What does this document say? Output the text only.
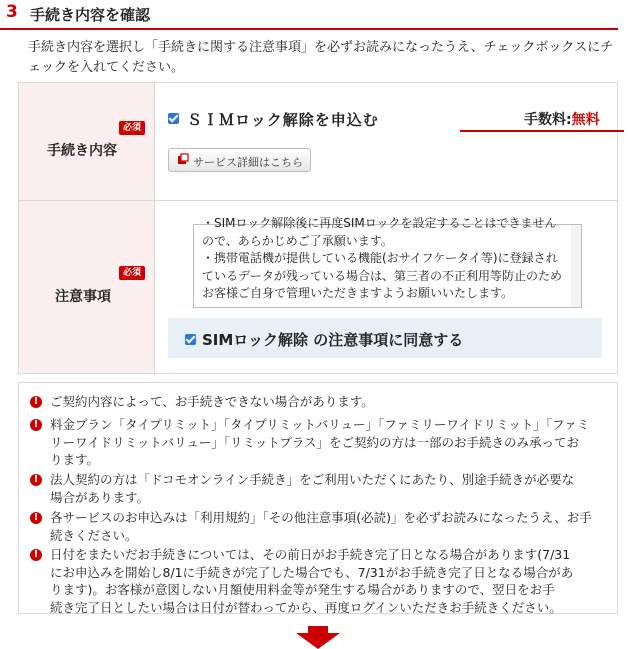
3 手続き内容を確認
手続き内容を選択し「手続きに関する注意事項」を必ずお読みになったうえ、チェックボックスにチ
ェックを入れてください。
必須
手続き内容
ＳＩＭロック解除を申込む	手数料:無料
サービス詳細はこちら
必須
注意事項
・SIMロック解除後に再度SIMロックを設定することはできません
ので、あらかじめご了承願います。
・携帯電話機が提供している機能(おサイフケータイ等)に登録され
ているデータが残っている場合は、第三者の不正利用等防止のため
お客様ご自身で管理いただきますようお願いいたします。
SIMロック解除 の注意事項に同意する
! ご契約内容によって、お手続きできない場合があります。
! 料金プラン「タイプリミット」「タイプリミットバリュー」「ファミリーワイドリミット」「ファミ
リーワイドリミットバリュー」「リミットプラス」をご契約の方は一部のお手続きのみ承ってお
ります。
! 法人契約の方は「ドコモオンライン手続き」をご利用いただくにあたり、別途手続きが必要な
場合があります。
! 各サービスのお申込みは「利用規約」「その他注意事項(必読)」を必ずお読みになったうえ、お手
続きください。
! 日付をまたいだお手続きについては、その前日がお手続き完了日となる場合があります(7/31
にお申込みを開始し8/1に手続きが完了した場合でも、7/31がお手続き完了日となる場合があ
ります)。お客様が意図しない月額使用料金等が発生する場合がありますので、翌日をお手
続き完了日としたい場合は日付が替わってから、再度ログインいただきお手続きください。
